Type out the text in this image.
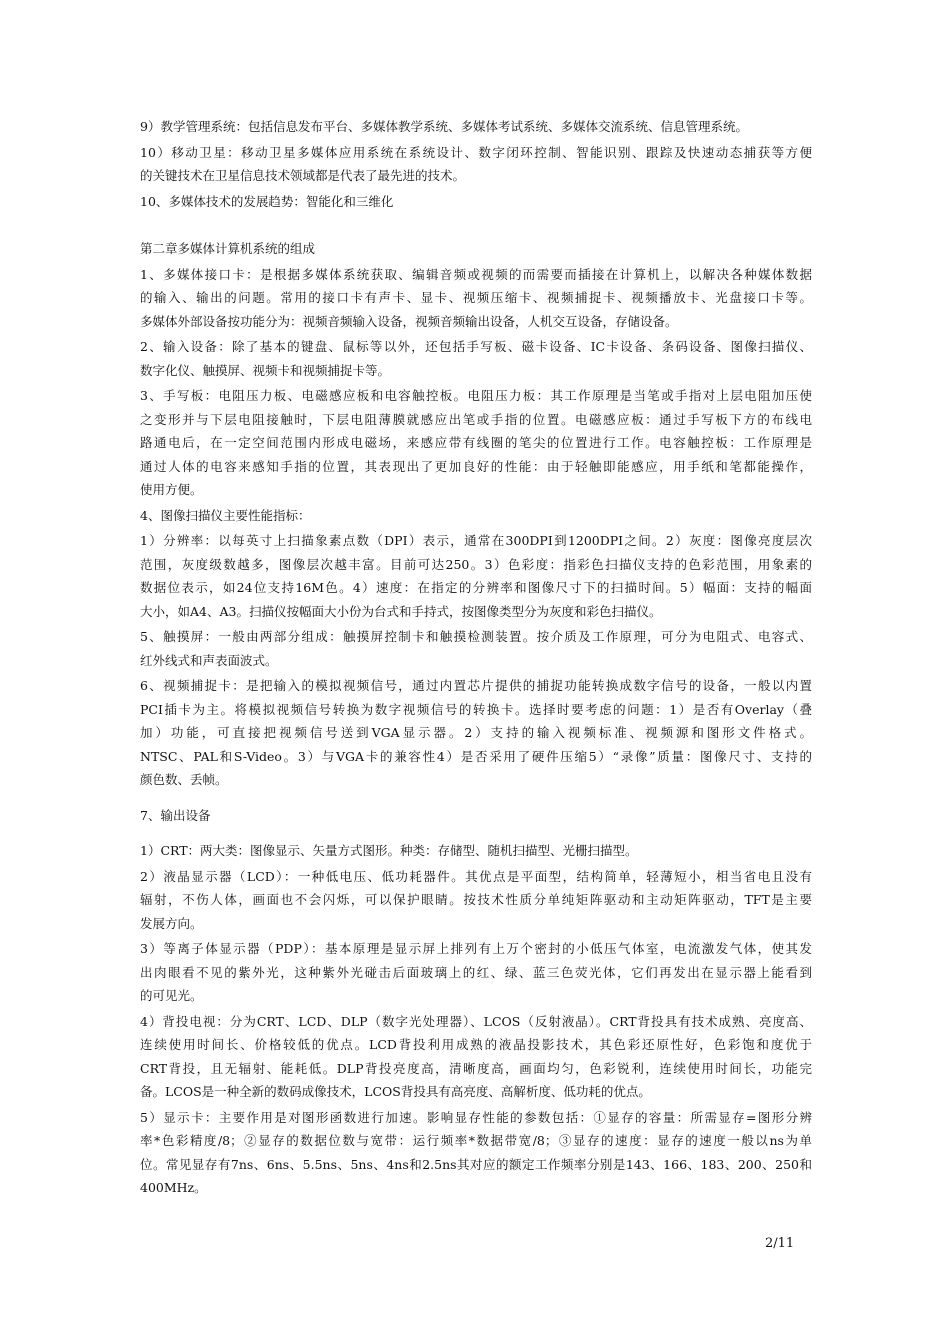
9）教学管理系统：包括信息发布平台、多媒体教学系统、多媒体考试系统、多媒体交流系统、信息管理系统。
10）移动卫星：移动卫星多媒体应用系统在系统设计、数字闭环控制、智能识别、跟踪及快速动态捕获等方便
的关键技术在卫星信息技术领域都是代表了最先进的技术。
10、多媒体技术的发展趋势：智能化和三维化
第二章多媒体计算机系统的组成
1、多媒体接口卡：是根据多媒体系统获取、编辑音频或视频的而需要而插接在计算机上，以解决各种媒体数据
的输入、输出的问题。常用的接口卡有声卡、显卡、视频压缩卡、视频捕捉卡、视频播放卡、光盘接口卡等。
多媒体外部设备按功能分为：视频音频输入设备，视频音频输出设备，人机交互设备，存储设备。
2、输入设备：除了基本的键盘、鼠标等以外，还包括手写板、磁卡设备、IC卡设备、条码设备、图像扫描仪、
数字化仪、触摸屏、视频卡和视频捕捉卡等。
3、手写板：电阻压力板、电磁感应板和电容触控板。电阻压力板：其工作原理是当笔或手指对上层电阻加压使
之变形并与下层电阻接触时，下层电阻薄膜就感应出笔或手指的位置。电磁感应板：通过手写板下方的布线电
路通电后，在一定空间范围内形成电磁场，来感应带有线圈的笔尖的位置进行工作。电容触控板：工作原理是
通过人体的电容来感知手指的位置，其表现出了更加良好的性能：由于轻触即能感应，用手纸和笔都能操作，
使用方便。
4、图像扫描仪主要性能指标：
1）分辨率：以每英寸上扫描象素点数（DPI）表示，通常在300DPI到1200DPI之间。2）灰度：图像亮度层次
范围，灰度级数越多，图像层次越丰富。目前可达250。3）色彩度：指彩色扫描仪支持的色彩范围，用象素的
数据位表示，如24位支持16M色。4）速度：在指定的分辨率和图像尺寸下的扫描时间。5）幅面：支持的幅面
大小，如A4、A3。扫描仪按幅面大小份为台式和手持式，按图像类型分为灰度和彩色扫描仪。
5、触摸屏：一般由两部分组成：触摸屏控制卡和触摸检测装置。按介质及工作原理，可分为电阻式、电容式、
红外线式和声表面波式。
6、视频捕捉卡：是把输入的模拟视频信号，通过内置芯片提供的捕捉功能转换成数字信号的设备，一般以内置
PCI插卡为主。将模拟视频信号转换为数字视频信号的转换卡。选择时要考虑的问题：1）是否有Overlay（叠
加）功能，可直接把视频信号送到VGA显示器。2）支持的输入视频标准、视频源和图形文件格式。
NTSC、PAL和S-Video。3）与VGA卡的兼容性4）是否采用了硬件压缩5）“录像”质量：图像尺寸、支持的
颜色数、丢帧。
7、输出设备
1）CRT：两大类：图像显示、矢量方式图形。种类：存储型、随机扫描型、光栅扫描型。
2）液晶显示器（LCD）：一种低电压、低功耗器件。其优点是平面型，结构简单，轻薄短小，相当省电且没有
辐射，不伤人体，画面也不会闪烁，可以保护眼睛。按技术性质分单纯矩阵驱动和主动矩阵驱动，TFT是主要
发展方向。
3）等离子体显示器（PDP）：基本原理是显示屏上排列有上万个密封的小低压气体室，电流激发气体，使其发
出肉眼看不见的紫外光，这种紫外光碰击后面玻璃上的红、绿、蓝三色荧光体，它们再发出在显示器上能看到
的可见光。
4）背投电视：分为CRT、LCD、DLP（数字光处理器）、LCOS（反射液晶）。CRT背投具有技术成熟、亮度高、
连续使用时间长、价格较低的优点。LCD背投利用成熟的液晶投影技术，其色彩还原性好，色彩饱和度优于
CRT背投，且无辐射、能耗低。DLP背投亮度高，清晰度高，画面均匀，色彩锐利，连续使用时间长，功能完
备。LCOS是一种全新的数码成像技术，LCOS背投具有高亮度、高解析度、低功耗的优点。
5）显示卡：主要作用是对图形函数进行加速。影响显存性能的参数包括：①显存的容量：所需显存=图形分辨
率*色彩精度/8；②显存的数据位数与宽带：运行频率*数据带宽/8；③显存的速度：显存的速度一般以ns为单
位。常见显存有7ns、6ns、5.5ns、5ns、4ns和2.5ns其对应的额定工作频率分别是143、166、183、200、250和
400MHz。
2/11
